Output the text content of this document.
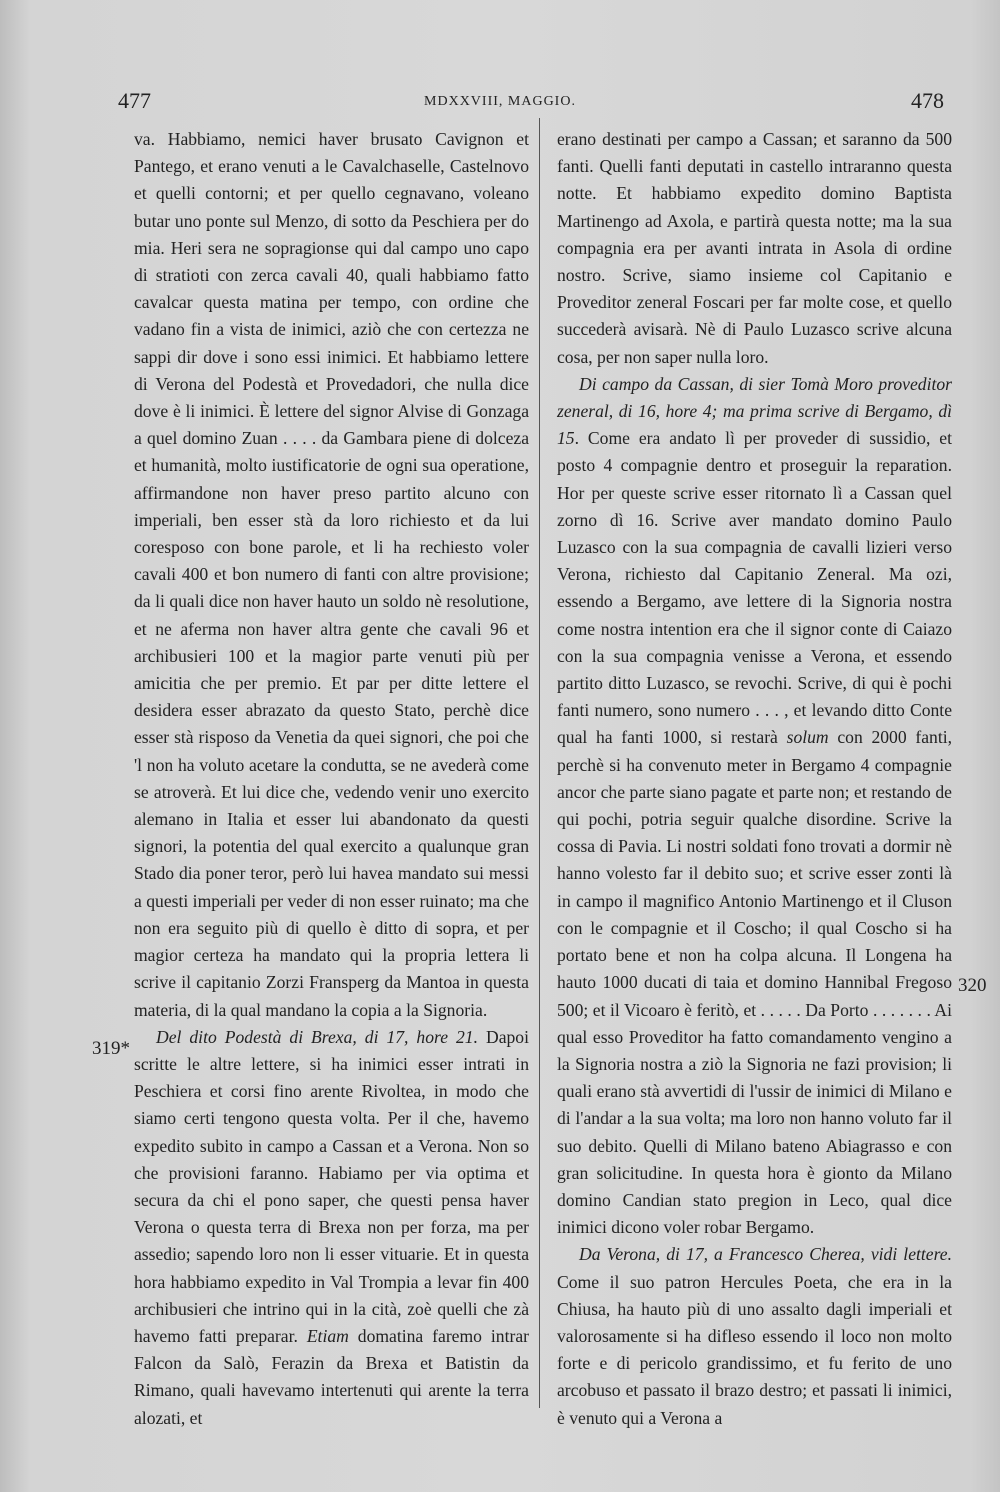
477	MDXXVIII, MAGGIO.	478
319*
320

va. Habbiamo, nemici haver brusato Cavignon et Pantego, et erano venuti a le Cavalchaselle, Castelnovo et quelli contorni; et per quello cegnavano, voleano butar uno ponte sul Menzo, di sotto da Peschiera per do mia. Heri sera ne sopragionse qui dal campo uno capo di stratioti con zerca cavali 40, quali habbiamo fatto cavalcar questa matina per tempo, con ordine che vadano fin a vista de inimici, aziò che con certezza ne sappi dir dove i sono essi inimici. Et habbiamo lettere di Verona del Podestà et Provedadori, che nulla dice dove è li inimici. È lettere del signor Alvise di Gonzaga a quel domino Zuan . . . . da Gambara piene di dolceza et humanità, molto iustificatorie de ogni sua operatione, affirmandone non haver preso partito alcuno con imperiali, ben esser stà da loro richiesto et da lui coresposo con bone parole, et li ha rechiesto voler cavali 400 et bon numero di fanti con altre provisione; da li quali dice non haver hauto un soldo nè resolutione, et ne aferma non haver altra gente che cavali 96 et archibusieri 100 et la magior parte venuti più per amicitia che per premio. Et par per ditte lettere el desidera esser abrazato da questo Stato, perchè dice esser stà risposo da Venetia da quei signori, che poi che 'l non ha voluto acetare la condutta, se ne avederà come se atroverà. Et lui dice che, vedendo venir uno exercito alemano in Italia et esser lui abandonato da questi signori, la potentia del qual exercito a qualunque gran Stado dia poner teror, però lui havea mandato sui messi a questi imperiali per veder di non esser ruinato; ma che non era seguito più di quello è ditto di sopra, et per magior certeza ha mandato qui la propria lettera li scrive il capitanio Zorzi Fransperg da Mantoa in questa materia, di la qual mandano la copia a la Signoria.

Del dito Podestà di Brexa, di 17, hore 21. Dapoi scritte le altre lettere, si ha inimici esser intrati in Peschiera et corsi fino arente Rivoltea, in modo che siamo certi tengono questa volta. Per il che, havemo expedito subito in campo a Cassan et a Verona. Non so che provisioni faranno. Habiamo per via optima et secura da chi el pono saper, che questi pensa haver Verona o questa terra di Brexa non per forza, ma per assedio; sapendo loro non li esser vituarie. Et in questa hora habbiamo expedito in Val Trompia a levar fin 400 archibusieri che intrino qui in la cità, zoè quelli che zà havemo fatti preparar. Etiam domatina faremo intrar Falcon da Salò, Ferazin da Brexa et Batistin da Rimano, quali havevamo intertenuti qui arente la terra alozati, et

erano destinati per campo a Cassan; et saranno da 500 fanti. Quelli fanti deputati in castello intraranno questa notte. Et habbiamo expedito domino Baptista Martinengo ad Axola, e partirà questa notte; ma la sua compagnia era per avanti intrata in Asola di ordine nostro. Scrive, siamo insieme col Capitanio e Proveditor zeneral Foscari per far molte cose, et quello succederà avisarà. Nè di Paulo Luzasco scrive alcuna cosa, per non saper nulla loro.

Di campo da Cassan, di sier Tomà Moro proveditor zeneral, di 16, hore 4; ma prima scrive di Bergamo, dì 15. Come era andato lì per proveder di sussidio, et posto 4 compagnie dentro et proseguir la reparation. Hor per queste scrive esser ritornato lì a Cassan quel zorno dì 16. Scrive aver mandato domino Paulo Luzasco con la sua compagnia de cavalli lizieri verso Verona, richiesto dal Capitanio Zeneral. Ma ozi, essendo a Bergamo, ave lettere di la Signoria nostra come nostra intention era che il signor conte di Caiazo con la sua compagnia venisse a Verona, et essendo partito ditto Luzasco, se revochi. Scrive, di qui è pochi fanti numero, sono numero . . . , et levando ditto Conte qual ha fanti 1000, si restarà solum con 2000 fanti, perchè si ha convenuto meter in Bergamo 4 compagnie ancor che parte siano pagate et parte non; et restando de qui pochi, potria seguir qualche disordine. Scrive la cossa di Pavia. Li nostri soldati fono trovati a dormir nè hanno volesto far il debito suo; et scrive esser zonti là in campo il magnifico Antonio Martinengo et il Cluson con le compagnie et il Coscho; il qual Coscho si ha portato bene et non ha colpa alcuna. Il Longena ha hauto 1000 ducati di taia et domino Hannibal Fregoso 500; et il Vicoaro è feritò, et . . . . . Da Porto . . . . . . . Ai qual esso Proveditor ha fatto comandamento vengino a la Signoria nostra a ziò la Signoria ne fazi provision; li quali erano stà avvertidi di l'ussir de inimici di Milano e di l'andar a la sua volta; ma loro non hanno voluto far il suo debito. Quelli di Milano bateno Abiagrasso e con gran solicitudine. In questa hora è gionto da Milano domino Candian stato pregion in Leco, qual dice inimici dicono voler robar Bergamo.

Da Verona, di 17, a Francesco Cherea, vidi lettere. Come il suo patron Hercules Poeta, che era in la Chiusa, ha hauto più di uno assalto dagli imperiali et valorosamente si ha difleso essendo il loco non molto forte e di pericolo grandissimo, et fu ferito de uno arcobuso et passato il brazo destro; et passati li inimici, è venuto qui a Verona a
